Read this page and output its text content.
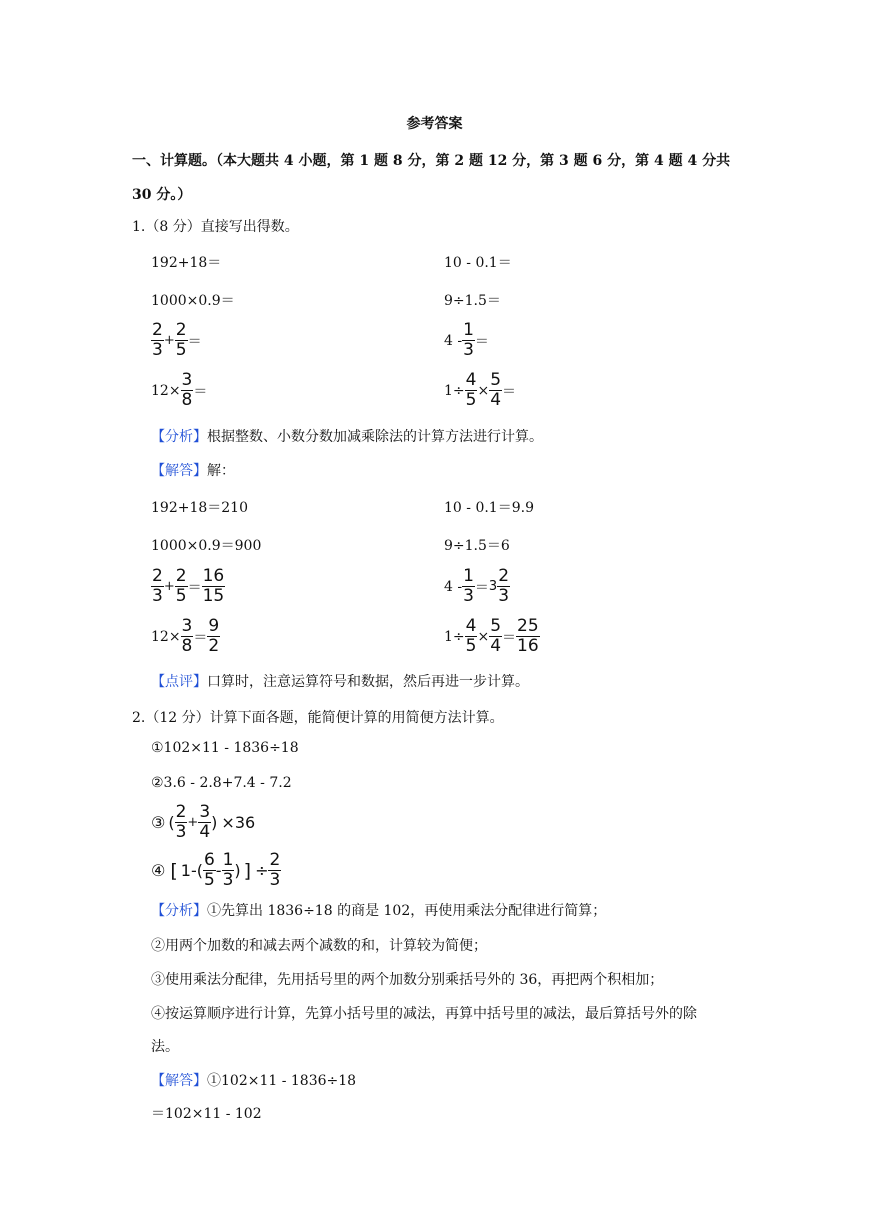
参考答案
一、计算题。（本大题共 4 小题，第 1 题 8 分，第 2 题 12 分，第 3 题 6 分，第 4 题 4 分共
30 分。）
1.（8 分）直接写出得数。
192+18＝	10 - 0.1＝
1000×0.9＝	9÷1.5＝
$\frac{2}{3} + \frac{2}{5}$ ＝	$4 - \frac{1}{3}$ ＝
$12\times \frac{3}{8}$ ＝	$1\div \frac{4}{5} \times \frac{5}{4}$ ＝
【分析】根据整数、小数分数加减乘除法的计算方法进行计算。
【解答】解：
192+18＝210	10 - 0.1＝9.9
1000×0.9＝900	9÷1.5＝6
$\frac{2}{3} + \frac{2}{5} = \frac{16}{15}$	$4 - \frac{1}{3} = 3 \frac{2}{3}$
$12\times \frac{3}{8} = \frac{9}{2}$	$1\div \frac{4}{5} \times \frac{5}{4} = \frac{25}{16}$
【点评】口算时，注意运算符号和数据，然后再进一步计算。
2.（12 分）计算下面各题，能简便计算的用简便方法计算。
①102×11 - 1836÷18
②3.6 - 2.8+7.4 - 7.2
③ ( $\frac{2}{3} + \frac{3}{4}$ ) ×36
④ [ 1- ( $\frac{6}{5} - \frac{1}{3}$ ) ] ÷ $\frac{2}{3}$
【分析】①先算出 1836÷18 的商是 102，再使用乘法分配律进行简算；
②用两个加数的和减去两个减数的和，计算较为简便；
③使用乘法分配律，先用括号里的两个加数分别乘括号外的 36，再把两个积相加；
④按运算顺序进行计算，先算小括号里的减法，再算中括号里的减法，最后算括号外的除
法。
【解答】①102×11 - 1836÷18
＝102×11 - 102
